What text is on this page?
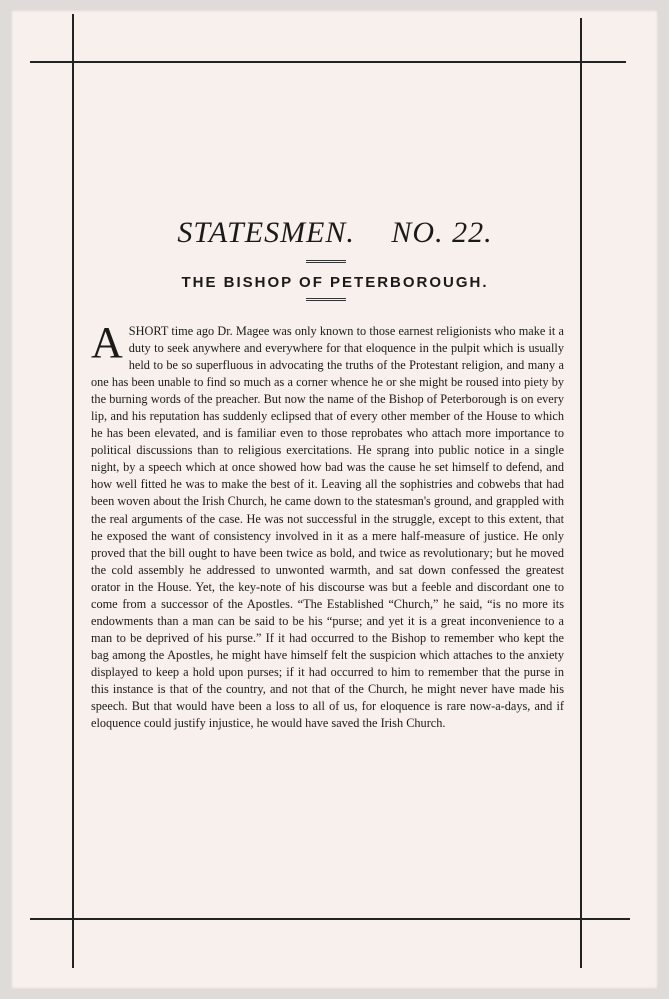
STATESMEN. NO. 22.
THE BISHOP OF PETERBOROUGH.
ASHORT time ago Dr. Magee was only known to those earnest religionists who make it a duty to seek anywhere and everywhere for that eloquence in the pulpit which is usually held to be so superfluous in advocating the truths of the Protestant religion, and many a one has been unable to find so much as a corner whence he or she might be roused into piety by the burning words of the preacher. But now the name of the Bishop of Peterborough is on every lip, and his reputation has suddenly eclipsed that of every other member of the House to which he has been elevated, and is familiar even to those reprobates who attach more importance to political discussions than to religious exercitations. He sprang into public notice in a single night, by a speech which at once showed how bad was the cause he set himself to defend, and how well fitted he was to make the best of it. Leaving all the sophistries and cobwebs that had been woven about the Irish Church, he came down to the statesman's ground, and grappled with the real arguments of the case. He was not successful in the struggle, except to this extent, that he exposed the want of consistency involved in it as a mere half-measure of justice. He only proved that the bill ought to have been twice as bold, and twice as revolutionary; but he moved the cold assembly he addressed to unwonted warmth, and sat down confessed the greatest orator in the House. Yet, the key-note of his discourse was but a feeble and discordant one to come from a successor of the Apostles. “The Established “Church,” he said, “is no more its endowments than a man can be said to be his “purse; and yet it is a great inconvenience to a man to be deprived of his purse.” If it had occurred to the Bishop to remember who kept the bag among the Apostles, he might have himself felt the suspicion which attaches to the anxiety displayed to keep a hold upon purses; if it had occurred to him to remember that the purse in this instance is that of the country, and not that of the Church, he might never have made his speech. But that would have been a loss to all of us, for eloquence is rare now-a-days, and if eloquence could justify injustice, he would have saved the Irish Church.
